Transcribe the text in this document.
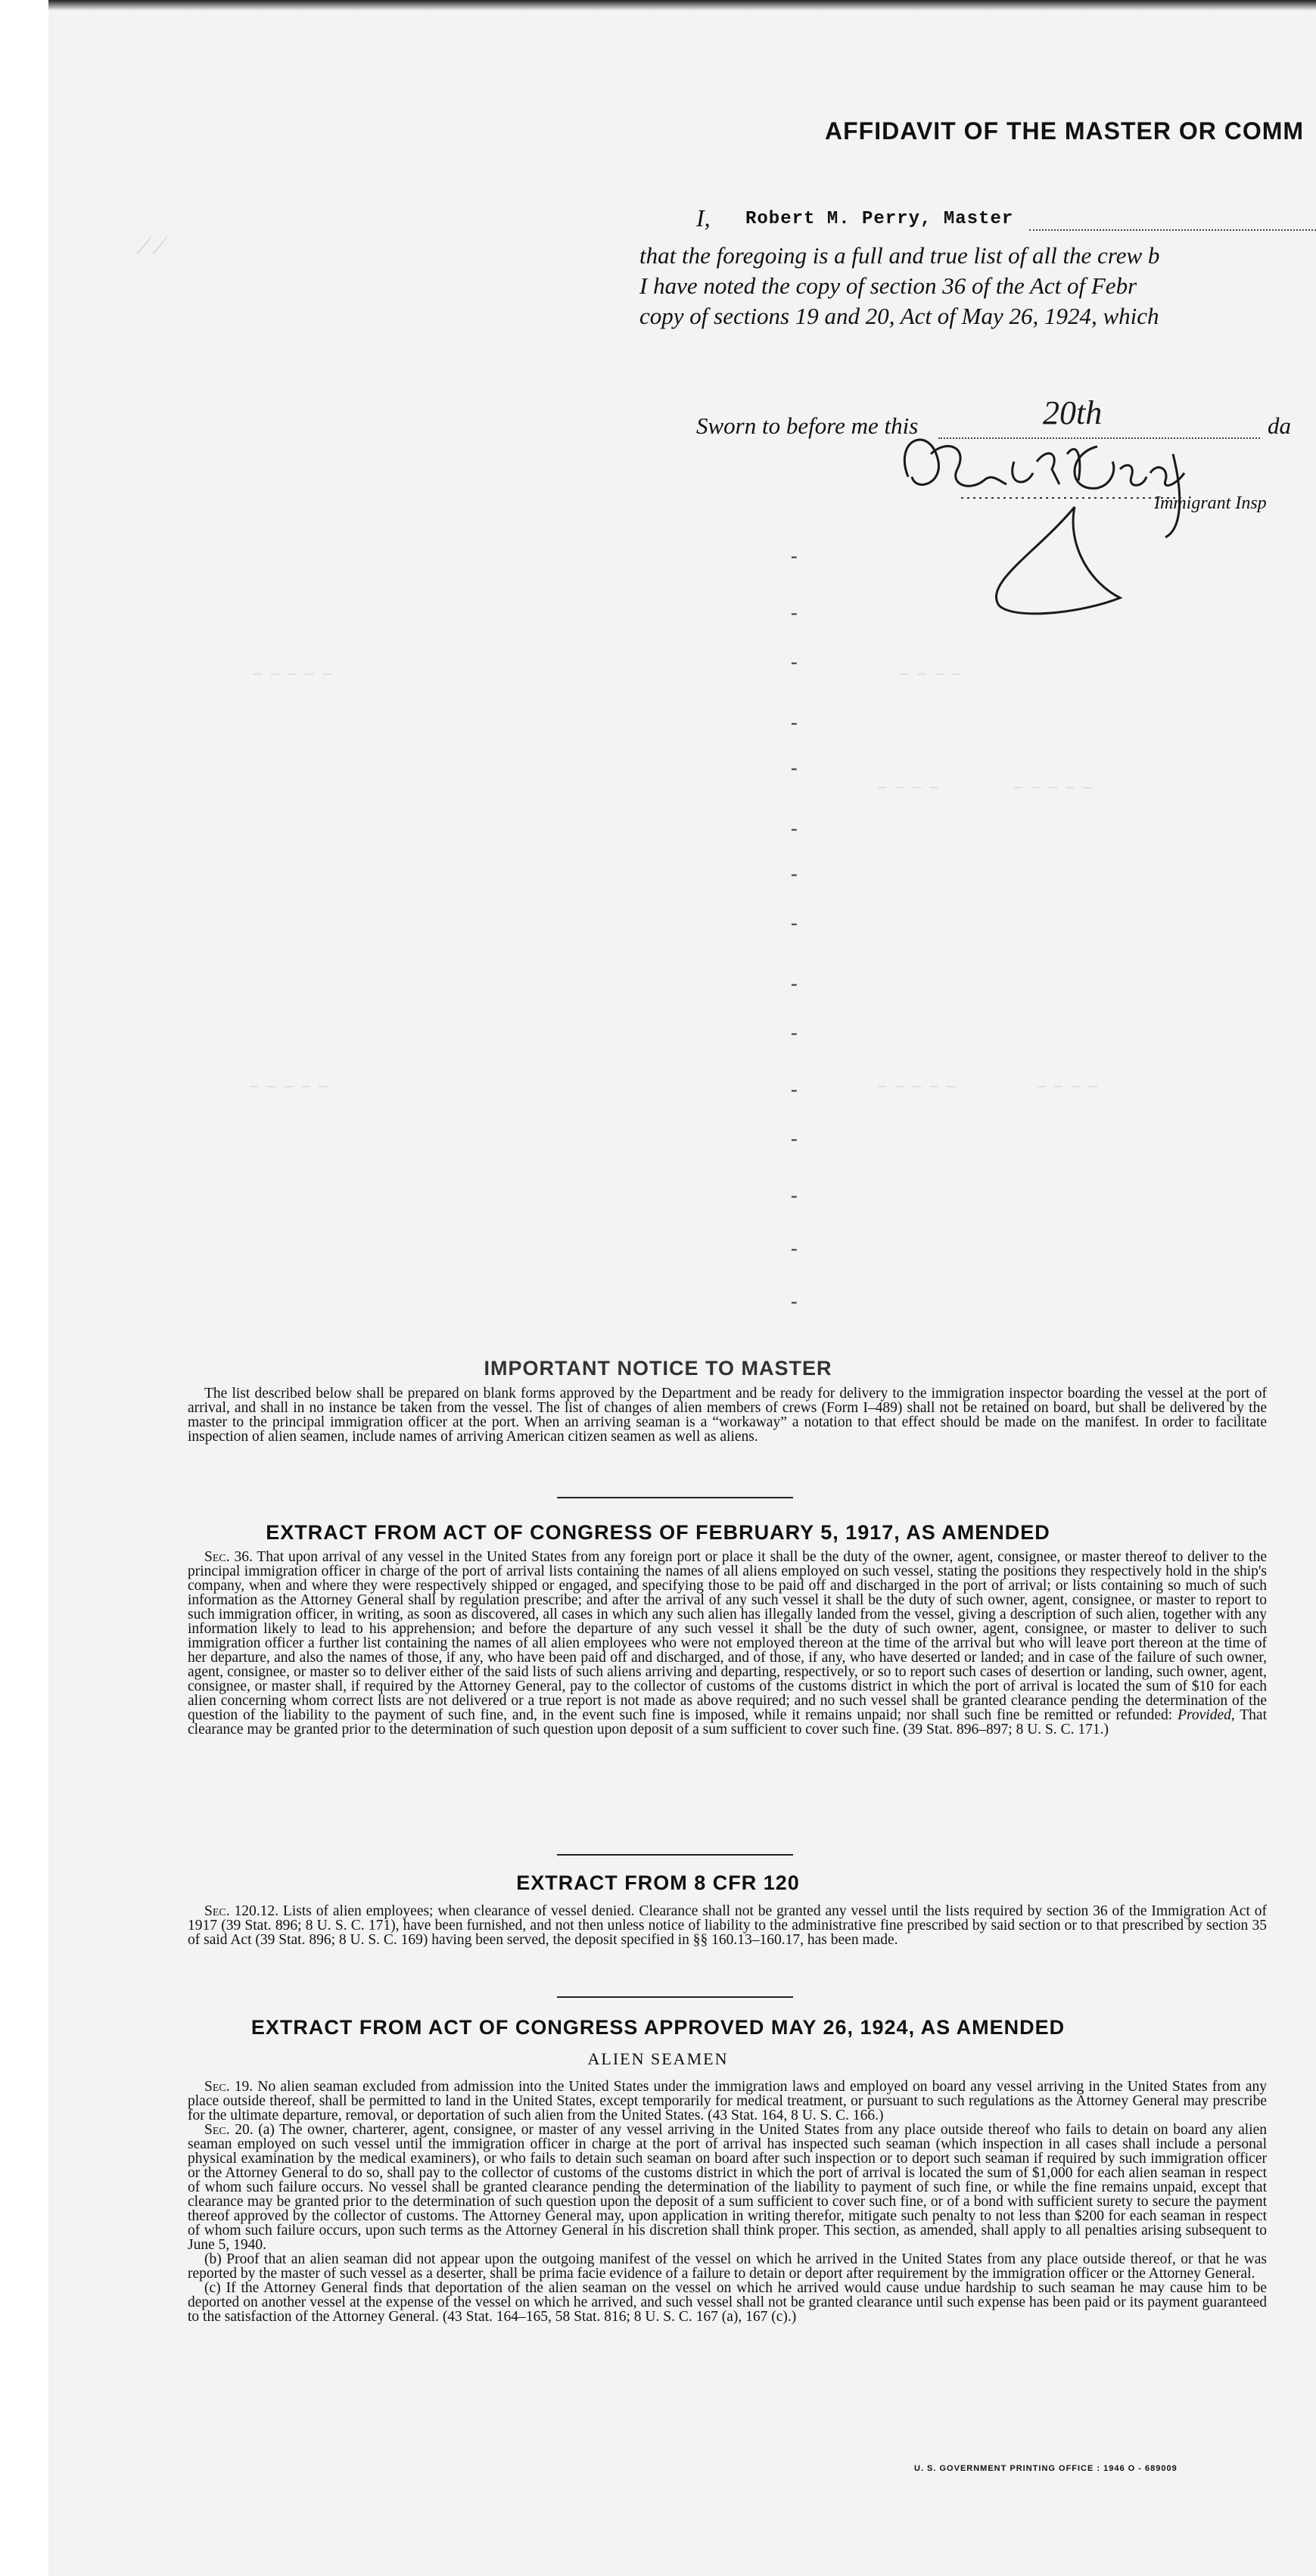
⟋⟋
— — — — —	— — — —
— — — —	— — — — —
— — — — —	— — — — —	— — — —
-
-
-
-
-
-
-
-
-
-
-
-
-
-
-
AFFIDAVIT OF THE MASTER OR COMM
I, Robert M. Perry, Master
that the foregoing is a full and true list of all the crew b
I have noted the copy of section 36 of the Act of Febr
copy of sections 19 and 20, Act of May 26, 1924, which
Sworn to before me this	20th	da
Immigrant Insp
IMPORTANT NOTICE TO MASTER

The list described below shall be prepared on blank forms approved by the Department and be ready for delivery to the immigration inspector boarding the vessel at the port of arrival, and shall in no instance be taken from the vessel. The list of changes of alien members of crews (Form I–489) shall not be retained on board, but shall be delivered by the master to the principal immigration officer at the port. When an arriving seaman is a “workaway” a notation to that effect should be made on the manifest. In order to facilitate inspection of alien seamen, include names of arriving American citizen seamen as well as aliens.

EXTRACT FROM ACT OF CONGRESS OF FEBRUARY 5, 1917, AS AMENDED

Sec. 36. That upon arrival of any vessel in the United States from any foreign port or place it shall be the duty of the owner, agent, consignee, or master thereof to deliver to the principal immigration officer in charge of the port of arrival lists containing the names of all aliens employed on such vessel, stating the positions they respectively hold in the ship's company, when and where they were respectively shipped or engaged, and specifying those to be paid off and discharged in the port of arrival; or lists containing so much of such information as the Attorney General shall by regulation prescribe; and after the arrival of any such vessel it shall be the duty of such owner, agent, consignee, or master to report to such immigration officer, in writing, as soon as discovered, all cases in which any such alien has illegally landed from the vessel, giving a description of such alien, together with any information likely to lead to his apprehension; and before the departure of any such vessel it shall be the duty of such owner, agent, consignee, or master to deliver to such immigration officer a further list containing the names of all alien employees who were not employed thereon at the time of the arrival but who will leave port thereon at the time of her departure, and also the names of those, if any, who have been paid off and discharged, and of those, if any, who have deserted or landed; and in case of the failure of such owner, agent, consignee, or master so to deliver either of the said lists of such aliens arriving and departing, respectively, or so to report such cases of desertion or landing, such owner, agent, consignee, or master shall, if required by the Attorney General, pay to the collector of customs of the customs district in which the port of arrival is located the sum of $10 for each alien concerning whom correct lists are not delivered or a true report is not made as above required; and no such vessel shall be granted clearance pending the determination of the question of the liability to the payment of such fine, and, in the event such fine is imposed, while it remains unpaid; nor shall such fine be remitted or refunded: Provided, That clearance may be granted prior to the determination of such question upon deposit of a sum sufficient to cover such fine. (39 Stat. 896–897; 8 U. S. C. 171.)

EXTRACT FROM 8 CFR 120

Sec. 120.12. Lists of alien employees; when clearance of vessel denied. Clearance shall not be granted any vessel until the lists required by section 36 of the Immigration Act of 1917 (39 Stat. 896; 8 U. S. C. 171), have been furnished, and not then unless notice of liability to the administrative fine prescribed by said section or to that prescribed by section 35 of said Act (39 Stat. 896; 8 U. S. C. 169) having been served, the deposit specified in §§ 160.13–160.17, has been made.

EXTRACT FROM ACT OF CONGRESS APPROVED MAY 26, 1924, AS AMENDED
ALIEN SEAMEN

Sec. 19. No alien seaman excluded from admission into the United States under the immigration laws and employed on board any vessel arriving in the United States from any place outside thereof, shall be permitted to land in the United States, except temporarily for medical treatment, or pursuant to such regulations as the Attorney General may prescribe for the ultimate departure, removal, or deportation of such alien from the United States. (43 Stat. 164, 8 U. S. C. 166.)

Sec. 20. (a) The owner, charterer, agent, consignee, or master of any vessel arriving in the United States from any place outside thereof who fails to detain on board any alien seaman employed on such vessel until the immigration officer in charge at the port of arrival has inspected such seaman (which inspection in all cases shall include a personal physical examination by the medical examiners), or who fails to detain such seaman on board after such inspection or to deport such seaman if required by such immigration officer or the Attorney General to do so, shall pay to the collector of customs of the customs district in which the port of arrival is located the sum of $1,000 for each alien seaman in respect of whom such failure occurs. No vessel shall be granted clearance pending the determination of the liability to payment of such fine, or while the fine remains unpaid, except that clearance may be granted prior to the determination of such question upon the deposit of a sum sufficient to cover such fine, or of a bond with sufficient surety to secure the payment thereof approved by the collector of customs. The Attorney General may, upon application in writing therefor, mitigate such penalty to not less than $200 for each seaman in respect of whom such failure occurs, upon such terms as the Attorney General in his discretion shall think proper. This section, as amended, shall apply to all penalties arising subsequent to June 5, 1940.

(b) Proof that an alien seaman did not appear upon the outgoing manifest of the vessel on which he arrived in the United States from any place outside thereof, or that he was reported by the master of such vessel as a deserter, shall be prima facie evidence of a failure to detain or deport after requirement by the immigration officer or the Attorney General.

(c) If the Attorney General finds that deportation of the alien seaman on the vessel on which he arrived would cause undue hardship to such seaman he may cause him to be deported on another vessel at the expense of the vessel on which he arrived, and such vessel shall not be granted clearance until such expense has been paid or its payment guaranteed to the satisfaction of the Attorney General. (43 Stat. 164–165, 58 Stat. 816; 8 U. S. C. 167 (a), 167 (c).)

U. S. GOVERNMENT PRINTING OFFICE : 1946 O - 689009
